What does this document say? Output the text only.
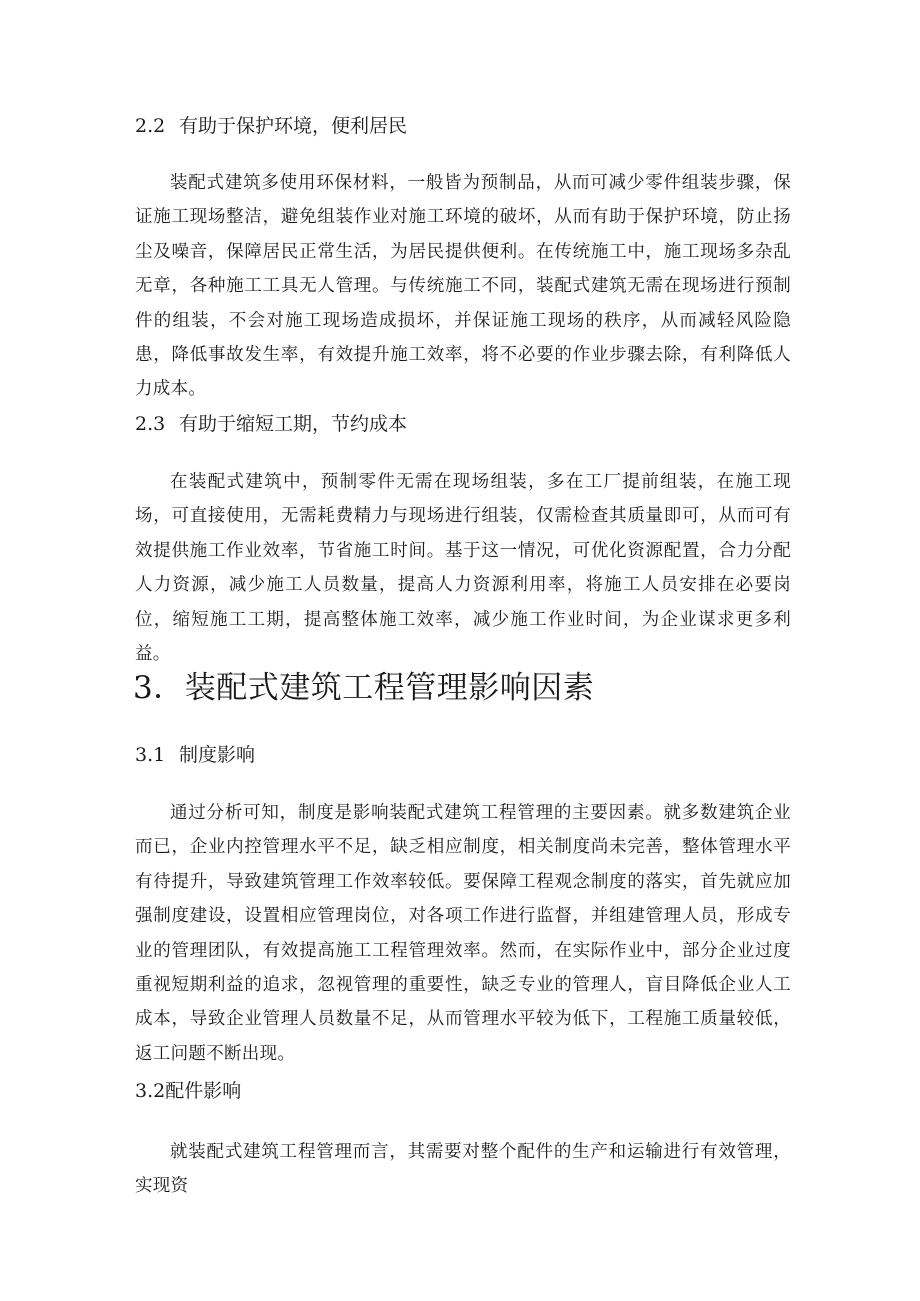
2.2 有助于保护环境，便利居民

装配式建筑多使用环保材料，一般皆为预制品，从而可减少零件组装步骤，保证施工现场整洁，避免组装作业对施工环境的破坏，从而有助于保护环境，防止扬尘及噪音，保障居民正常生活，为居民提供便利。在传统施工中，施工现场多杂乱无章，各种施工工具无人管理。与传统施工不同，装配式建筑无需在现场进行预制件的组装，不会对施工现场造成损坏，并保证施工现场的秩序，从而减轻风险隐患，降低事故发生率，有效提升施工效率，将不必要的作业步骤去除，有利降低人力成本。

2.3 有助于缩短工期，节约成本

在装配式建筑中，预制零件无需在现场组装，多在工厂提前组装，在施工现场，可直接使用，无需耗费精力与现场进行组装，仅需检查其质量即可，从而可有效提供施工作业效率，节省施工时间。基于这一情况，可优化资源配置，合力分配人力资源，减少施工人员数量，提高人力资源利用率，将施工人员安排在必要岗位，缩短施工工期，提高整体施工效率，减少施工作业时间，为企业谋求更多利益。

3．装配式建筑工程管理影响因素
3.1 制度影响

通过分析可知，制度是影响装配式建筑工程管理的主要因素。就多数建筑企业而已，企业内控管理水平不足，缺乏相应制度，相关制度尚未完善，整体管理水平有待提升，导致建筑管理工作效率较低。要保障工程观念制度的落实，首先就应加强制度建设，设置相应管理岗位，对各项工作进行监督，并组建管理人员，形成专业的管理团队，有效提高施工工程管理效率。然而，在实际作业中，部分企业过度重视短期利益的追求，忽视管理的重要性，缺乏专业的管理人，盲目降低企业人工成本，导致企业管理人员数量不足，从而管理水平较为低下，工程施工质量较低，返工问题不断出现。

3.2配件影响

就装配式建筑工程管理而言，其需要对整个配件的生产和运输进行有效管理，实现资
